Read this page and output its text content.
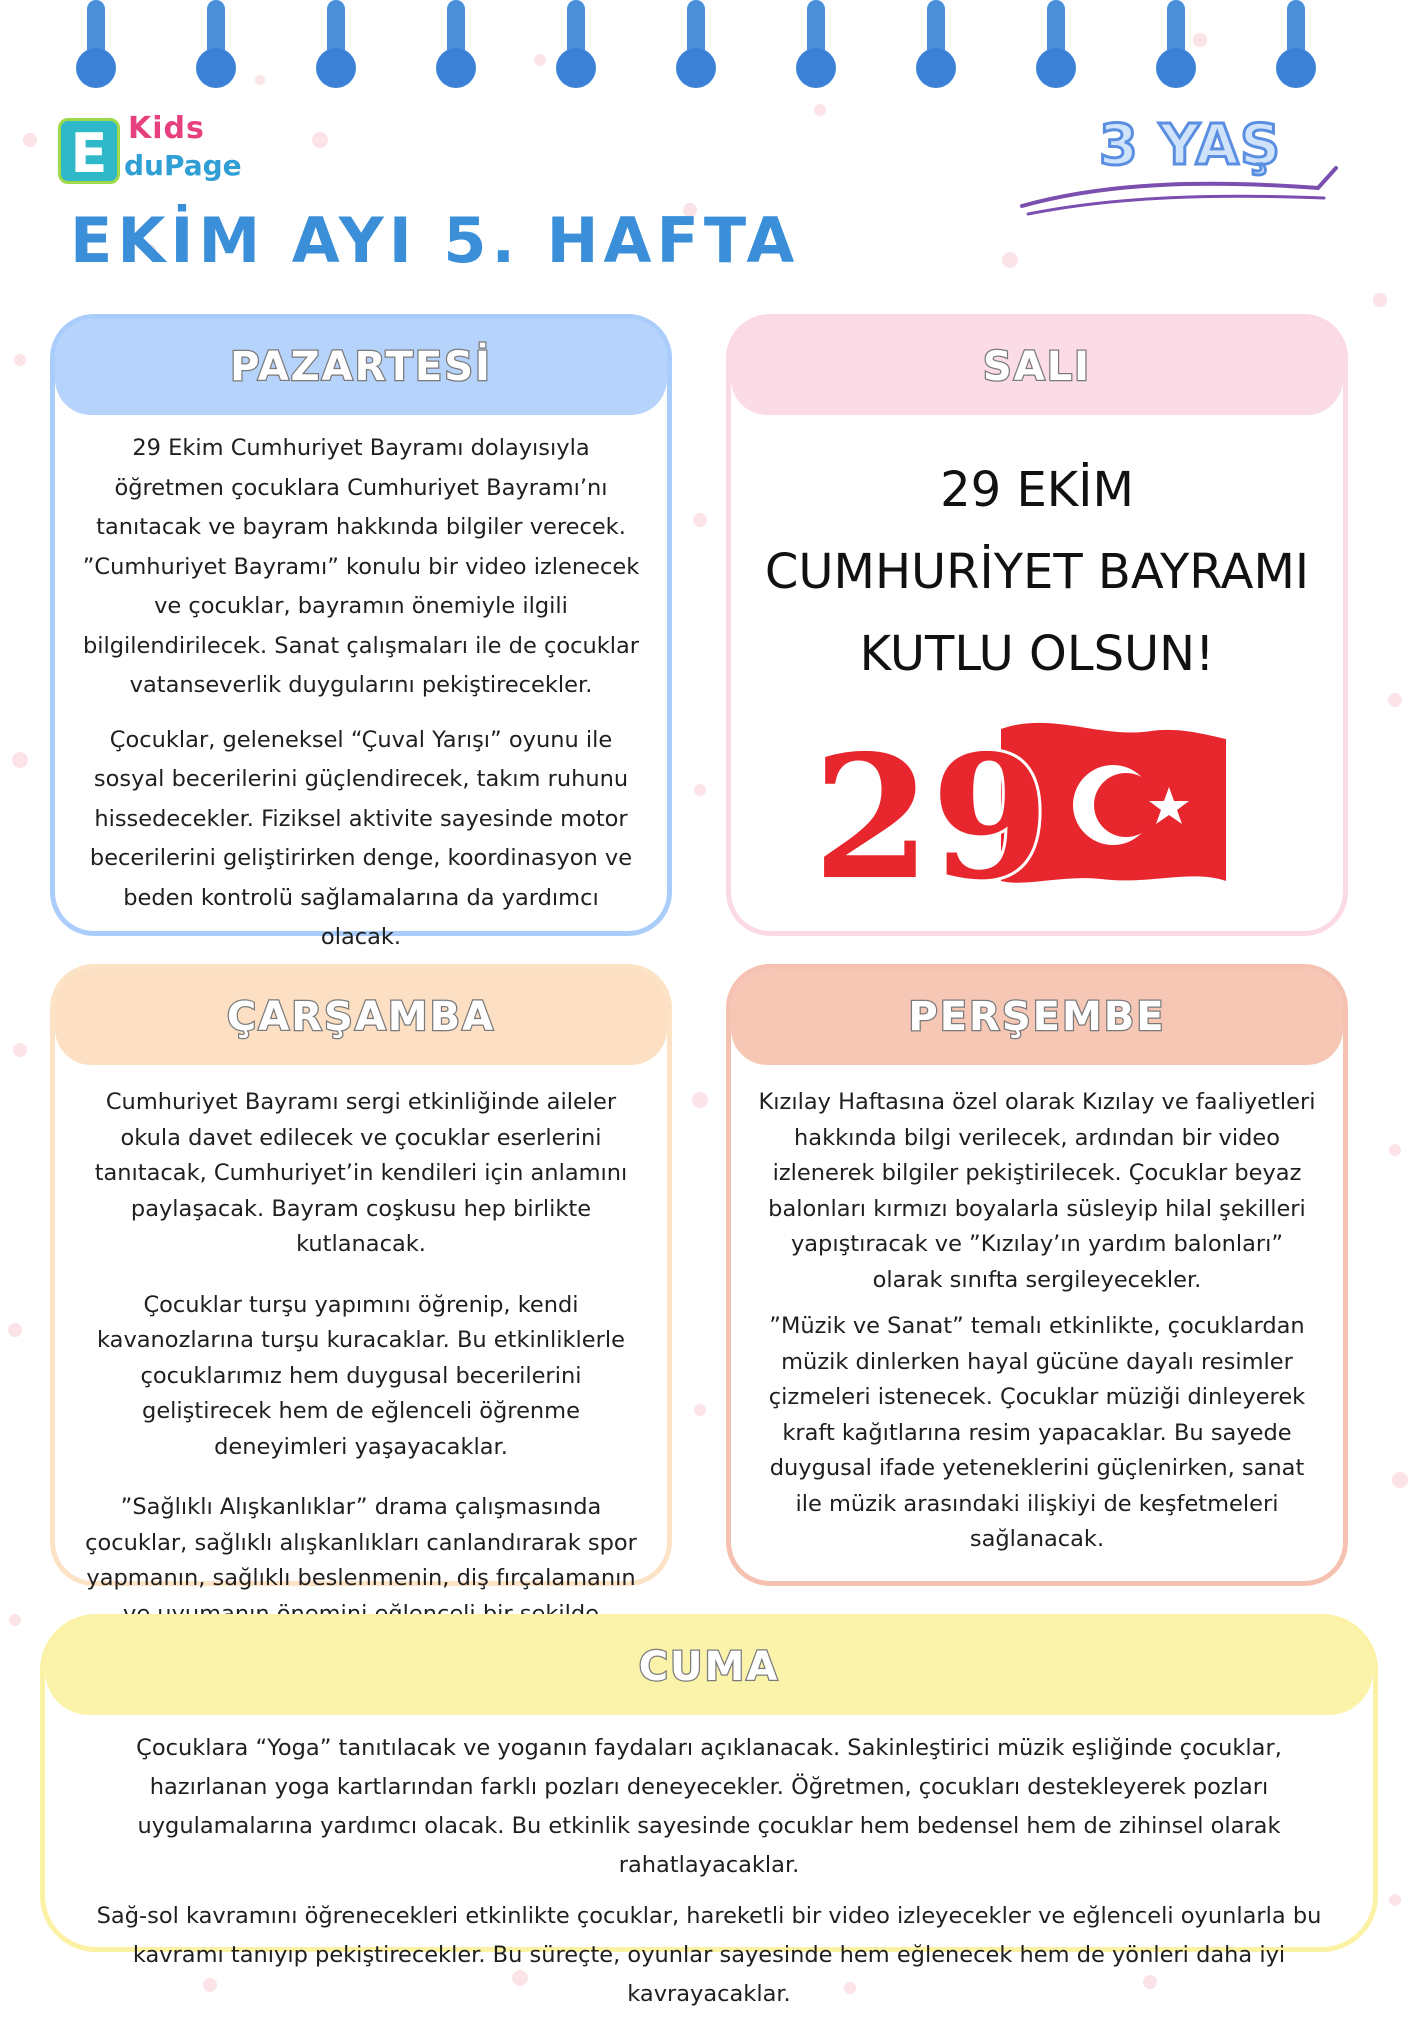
E Kids
duPage	3 YAŞ
EKİM AYI 5. HAFTA
PAZARTESİ

29 Ekim Cumhuriyet Bayramı dolayısıyla öğretmen çocuklara Cumhuriyet Bayramı’nı tanıtacak ve bayram hakkında bilgiler verecek. ”Cumhuriyet Bayramı” konulu bir video izlenecek ve çocuklar, bayramın önemiyle ilgili bilgilendirilecek. Sanat çalışmaları ile de çocuklar vatanseverlik duygularını pekiştirecekler.

Çocuklar, geleneksel “Çuval Yarışı” oyunu ile sosyal becerilerini güçlendirecek, takım ruhunu hissedecekler. Fiziksel aktivite sayesinde motor becerilerini geliştirirken denge, koordinasyon ve beden kontrolü sağlamalarına da yardımcı olacak.

SALI
29 EKİM
CUMHURİYET BAYRAMI
KUTLU OLSUN!
29
ÇARŞAMBA

Cumhuriyet Bayramı sergi etkinliğinde aileler okula davet edilecek ve çocuklar eserlerini tanıtacak, Cumhuriyet’in kendileri için anlamını paylaşacak. Bayram coşkusu hep birlikte kutlanacak.

Çocuklar turşu yapımını öğrenip, kendi kavanozlarına turşu kuracaklar. Bu etkinliklerle çocuklarımız hem duygusal becerilerini geliştirecek hem de eğlenceli öğrenme deneyimleri yaşayacaklar.

”Sağlıklı Alışkanlıklar” drama çalışmasında çocuklar, sağlıklı alışkanlıkları canlandırarak spor yapmanın, sağlıklı beslenmenin, diş fırçalamanın

PERŞEMBE

Kızılay Haftasına özel olarak Kızılay ve faaliyetleri hakkında bilgi verilecek, ardından bir video izlenerek bilgiler pekiştirilecek. Çocuklar beyaz balonları kırmızı boyalarla süsleyip hilal şekilleri yapıştıracak ve ”Kızılay’ın yardım balonları” olarak sınıfta sergileyecekler.

”Müzik ve Sanat” temalı etkinlikte, çocuklardan müzik dinlerken hayal gücüne dayalı resimler çizmeleri istenecek. Çocuklar müziği dinleyerek kraft kağıtlarına resim yapacaklar. Bu sayede duygusal ifade yeteneklerini güçlenirken, sanat ile müzik arasındaki ilişkiyi de keşfetmeleri sağlanacak.

CUMA

Çocuklara “Yoga” tanıtılacak ve yoganın faydaları açıklanacak. Sakinleştirici müzik eşliğinde çocuklar, hazırlanan yoga kartlarından farklı pozları deneyecekler. Öğretmen, çocukları destekleyerek pozları uygulamalarına yardımcı olacak. Bu etkinlik sayesinde çocuklar hem bedensel hem de zihinsel olarak rahatlayacaklar.

Sağ-sol kavramını öğrenecekleri etkinlikte çocuklar, hareketli bir video izleyecekler ve eğlenceli oyunlarla bu kavramı tanıyıp pekiştirecekler. Bu süreçte, oyunlar sayesinde hem eğlenecek hem de yönleri daha iyi kavrayacaklar.
